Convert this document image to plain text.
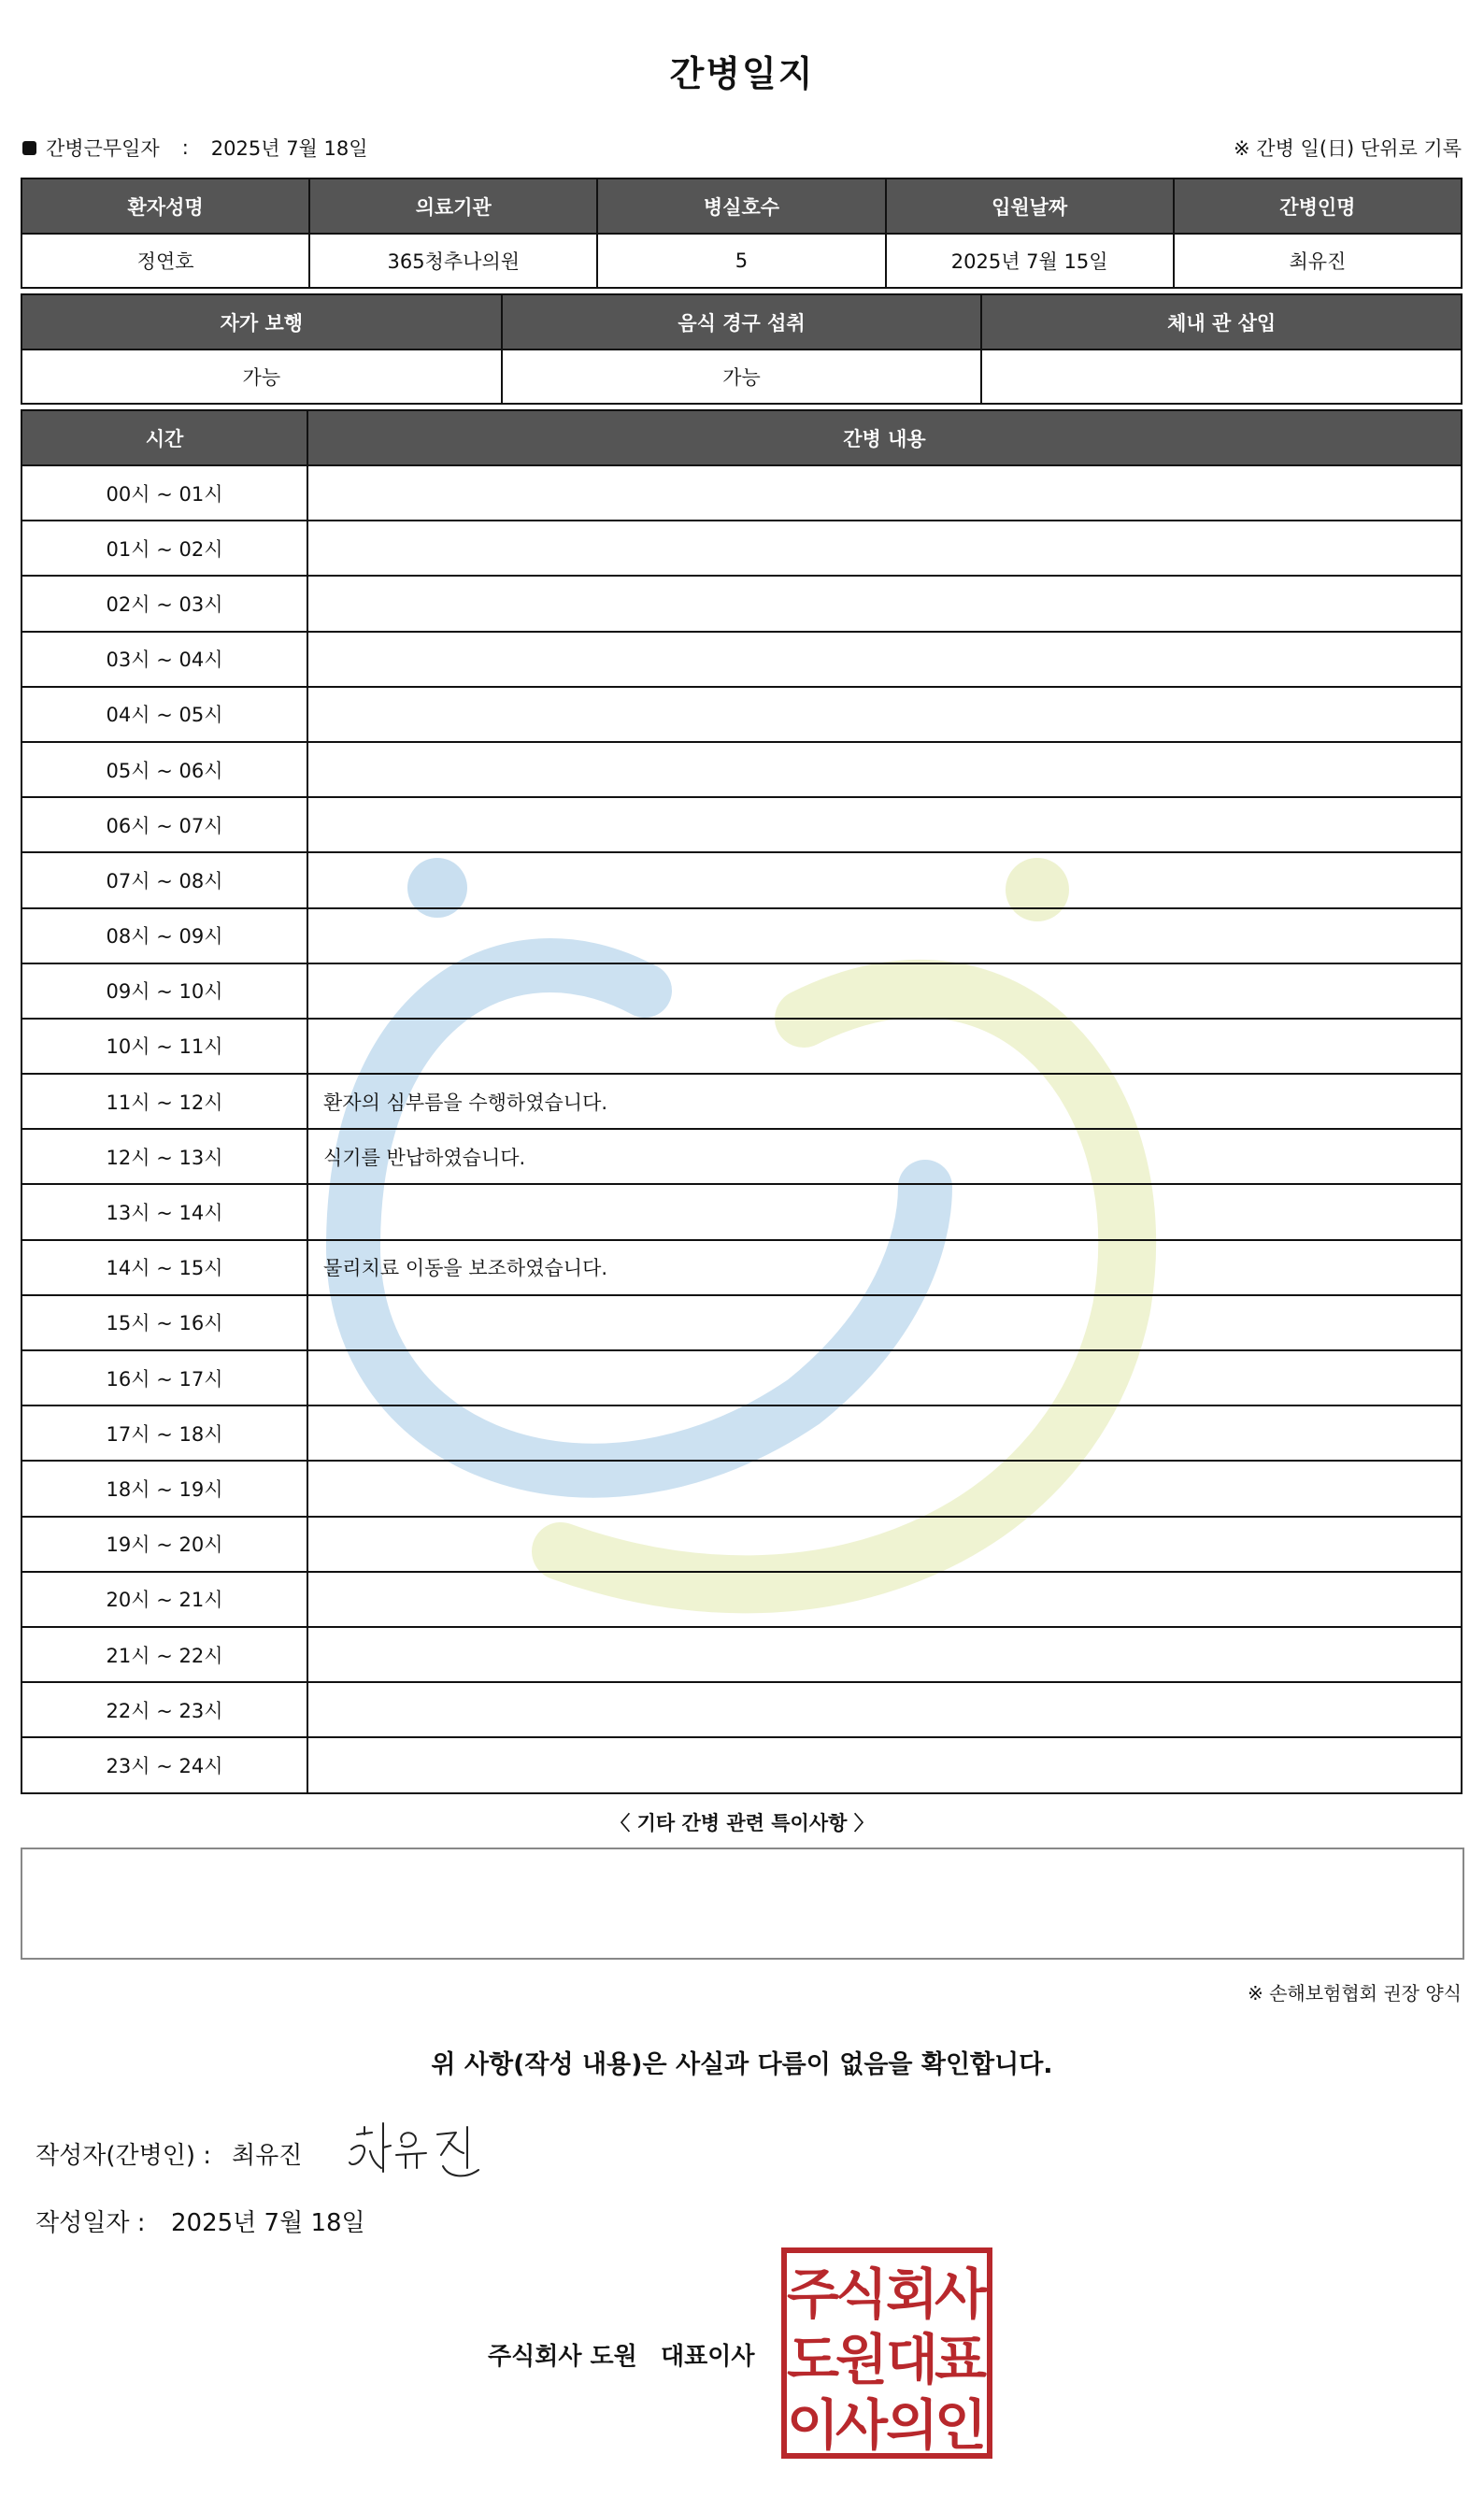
간병일지
간병근무일자 : 2025년 7월 18일	※ 간병 일(日) 단위로 기록
환자성명	의료기관	병실호수	입원날짜	간병인명
정연호	365청추나의원	5	2025년 7월 15일	최유진
자가 보행	음식 경구 섭취	체내 관 삽입
가능	가능	
시간	간병 내용
00시 ~ 01시	
01시 ~ 02시	
02시 ~ 03시	
03시 ~ 04시	
04시 ~ 05시	
05시 ~ 06시	
06시 ~ 07시	
07시 ~ 08시	
08시 ~ 09시	
09시 ~ 10시	
10시 ~ 11시	
11시 ~ 12시	환자의 심부름을 수행하였습니다.
12시 ~ 13시	식기를 반납하였습니다.
13시 ~ 14시	
14시 ~ 15시	물리치료 이동을 보조하였습니다.
15시 ~ 16시	
16시 ~ 17시	
17시 ~ 18시	
18시 ~ 19시	
19시 ~ 20시	
20시 ~ 21시	
21시 ~ 22시	
22시 ~ 23시	
23시 ~ 24시	
〈 기타 간병 관련 특이사항 〉
※ 손해보험협회 권장 양식
위 사항(작성 내용)은 사실과 다름이 없음을 확인합니다.
작성자(간병인) : 최유진
작성일자 :	2025년 7월 18일
주식회사 도원 대표이사
주
식
회
사
도
원
대
표
이
사
의
인
